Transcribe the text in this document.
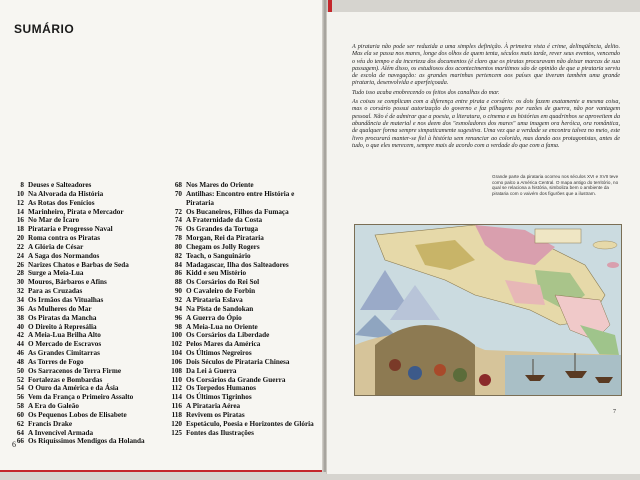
SUMÁRIO
8 Deuses e Salteadores
10 Na Alvorada da História
12 As Rotas dos Fenícios
14 Marinheiro, Pirata e Mercador
16 No Mar de Ícaro
18 Pirataria e Progresso Naval
20 Roma contra os Piratas
22 A Glória de César
24 A Saga dos Normandos
26 Narizes Chatos e Barbas de Seda
28 Surge a Meia-Lua
30 Mouros, Bárbaros e Afins
32 Para as Cruzadas
34 Os Irmãos das Vitualhas
36 As Mulheres do Mar
38 Os Piratas da Mancha
40 O Direito à Represália
42 A Meia-Lua Brilha Alto
44 O Mercado de Escravos
46 As Grandes Cimitarras
48 As Torres de Fogo
50 Os Sarracenos de Terra Firme
52 Fortalezas e Bombardas
54 O Ouro da América e da Ásia
56 Vem da França o Primeiro Assalto
58 A Era do Galeão
60 Os Pequenos Lobos de Elisabete
62 Francis Drake
64 A Invencível Armada
66 Os Riquíssimos Mendigos da Holanda
68 Nos Mares do Oriente
70 Antilhas: Encontro entre História e Pirataria
72 Os Bucaneiros, Filhos da Fumaça
74 A Fraternidade da Costa
76 Os Grandes da Tortuga
78 Morgan, Rei da Pirataria
80 Chegam os Jolly Rogers
82 Teach, o Sanguinário
84 Madagascar, Ilha dos Salteadores
86 Kidd e seu Mistério
88 Os Corsários do Rei Sol
90 O Cavaleiro de Forbin
92 A Pirataria Eslava
94 Na Pista de Sandokan
96 A Guerra do Ópio
98 A Meia-Lua no Oriente
100 Os Corsários da Liberdade
102 Pelos Mares da América
104 Os Últimos Negreiros
106 Dois Séculos de Pirataria Chinesa
108 Da Lei à Guerra
110 Os Corsários da Grande Guerra
112 Os Torpedos Humanos
114 Os Últimos Tigrinhos
116 A Pirataria Aérea
118 Revivem os Piratas
120 Espetáculo, Poesia e Horizontes de Glória
125 Fontes das Ilustrações
6

A pirataria não pode ser reduzida a uma simples definição. À primeira vista é crime, delinqüência, delito. Mas ela se passa nos mares, longe dos olhos de quem tenta, séculos mais tarde, rever seus eventos, vencendo o véu do tempo e da incerteza dos documentos (é claro que os piratas procuravam não deixar marcas de sua passagem). Além disso, os estudiosos dos acontecimentos marítimos são de opinião de que a pirataria serviu de escola de navegação: as grandes marinhas pertencem aos países que tiveram também uma grande pirataria, desenvolvida e aperfeiçoada.

Tudo isso acaba enobrecendo os feitos dos canalhas do mar.

As coisas se complicam com a diferença entre pirata e corsário: os dois fazem exatamente a mesma coisa, mas o corsário possui autorização do governo e faz pilhagens por razões de guerra, não por vantagem pessoal. Não é de admirar que a poesia, a literatura, o cinema e as histórias em quadrinhos se aproveitem da abundância de material e nos deem dos "esmoladores dos mares" uma imagem ora heróica, ora romântica, de qualquer forma sempre simpaticamente sugestiva. Uma vez que a verdade se encontra talvez no meio, este livro procurará manter-se fiel à história sem renunciar ao colorido, mas dando aos protagonistas, antes de tudo, o que eles merecem, sempre mais de acordo com a verdade do que com a fama.

Grande parte da pirataria ocorreu nos séculos XVI e XVII teve como palco a América Central. O mapa antigo do território, no qual se relaciona a história, simboliza bem o ambiente da pirataria com o vaivém dos figurões que a ilustram.
7
